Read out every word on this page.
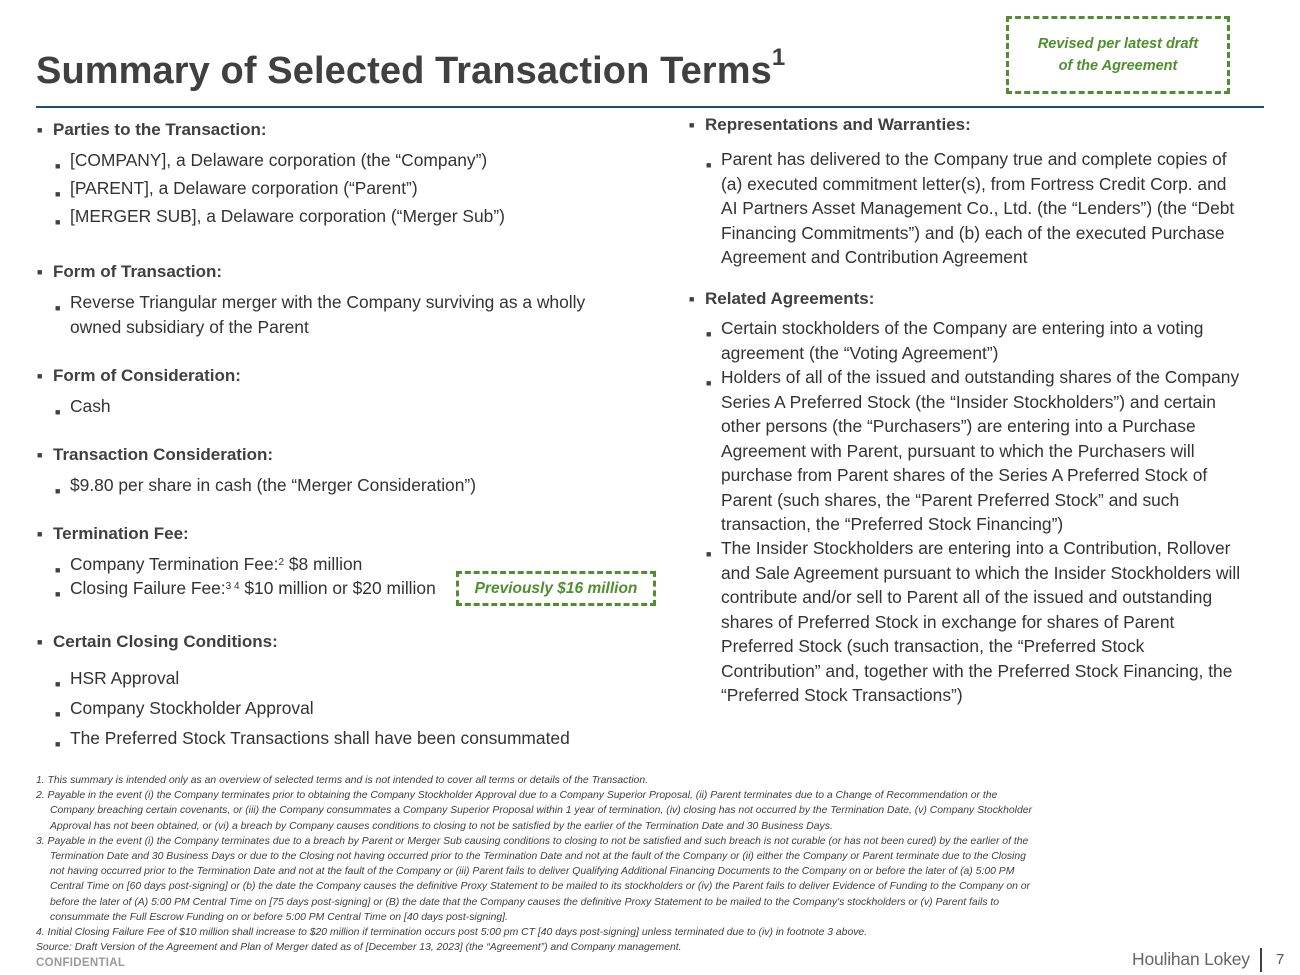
Summary of Selected Transaction Terms$^1$	Revised per latest draft
of the Agreement
■ Parties to the Transaction:
■ [COMPANY], a Delaware corporation (the “Company”)
■ [PARENT], a Delaware corporation (“Parent”)
■ [MERGER SUB], a Delaware corporation (“Merger Sub”)
■ Form of Transaction:
■ Reverse Triangular merger with the Company surviving as a wholly
owned subsidiary of the Parent
■ Form of Consideration:
■ Cash
■ Transaction Consideration:
■ $9.80 per share in cash (the “Merger Consideration”)
■ Termination Fee:
■ Company Termination Fee:$^2$ $8 million
■ Closing Failure Fee:$^{3 4}$ $10 million or $20 million	Previously $16 million
■ Certain Closing Conditions:
■ HSR Approval
■ Company Stockholder Approval
■ The Preferred Stock Transactions shall have been consummated
■ Representations and Warranties:
■ Parent has delivered to the Company true and complete copies of
(a) executed commitment letter(s), from Fortress Credit Corp. and
AI Partners Asset Management Co., Ltd. (the “Lenders”) (the “Debt
Financing Commitments”) and (b) each of the executed Purchase
Agreement and Contribution Agreement
■ Related Agreements:
■ Certain stockholders of the Company are entering into a voting
agreement (the “Voting Agreement”)
■ Holders of all of the issued and outstanding shares of the Company
Series A Preferred Stock (the “Insider Stockholders”) and certain
other persons (the “Purchasers”) are entering into a Purchase
Agreement with Parent, pursuant to which the Purchasers will
purchase from Parent shares of the Series A Preferred Stock of
Parent (such shares, the “Parent Preferred Stock” and such
transaction, the “Preferred Stock Financing”)
■ The Insider Stockholders are entering into a Contribution, Rollover
and Sale Agreement pursuant to which the Insider Stockholders will
contribute and/or sell to Parent all of the issued and outstanding
shares of Preferred Stock in exchange for shares of Parent
Preferred Stock (such transaction, the “Preferred Stock
Contribution” and, together with the Preferred Stock Financing, the
“Preferred Stock Transactions”)
1. This summary is intended only as an overview of selected terms and is not intended to cover all terms or details of the Transaction.
2. Payable in the event (i) the Company terminates prior to obtaining the Company Stockholder Approval due to a Company Superior Proposal, (ii) Parent terminates due to a Change of Recommendation or the
Company breaching certain covenants, or (iii) the Company consummates a Company Superior Proposal within 1 year of termination, (iv) closing has not occurred by the Termination Date, (v) Company Stockholder
Approval has not been obtained, or (vi) a breach by Company causes conditions to closing to not be satisfied by the earlier of the Termination Date and 30 Business Days.
3. Payable in the event (i) the Company terminates due to a breach by Parent or Merger Sub causing conditions to closing to not be satisfied and such breach is not curable (or has not been cured) by the earlier of the
Termination Date and 30 Business Days or due to the Closing not having occurred prior to the Termination Date and not at the fault of the Company or (ii) either the Company or Parent terminate due to the Closing
not having occurred prior to the Termination Date and not at the fault of the Company or (iii) Parent fails to deliver Qualifying Additional Financing Documents to the Company on or before the later of (a) 5:00 PM
Central Time on [60 days post-signing] or (b) the date the Company causes the definitive Proxy Statement to be mailed to its stockholders or (iv) the Parent fails to deliver Evidence of Funding to the Company on or
before the later of (A) 5:00 PM Central Time on [75 days post-signing] or (B) the date that the Company causes the definitive Proxy Statement to be mailed to the Company's stockholders or (v) Parent fails to
consummate the Full Escrow Funding on or before 5:00 PM Central Time on [40 days post-signing].
4. Initial Closing Failure Fee of $10 million shall increase to $20 million if termination occurs post 5:00 pm CT [40 days post-signing] unless terminated due to (iv) in footnote 3 above.
Source: Draft Version of the Agreement and Plan of Merger dated as of [December 13, 2023] (the “Agreement”) and Company management.
CONFIDENTIAL	Houlihan Lokey 7
